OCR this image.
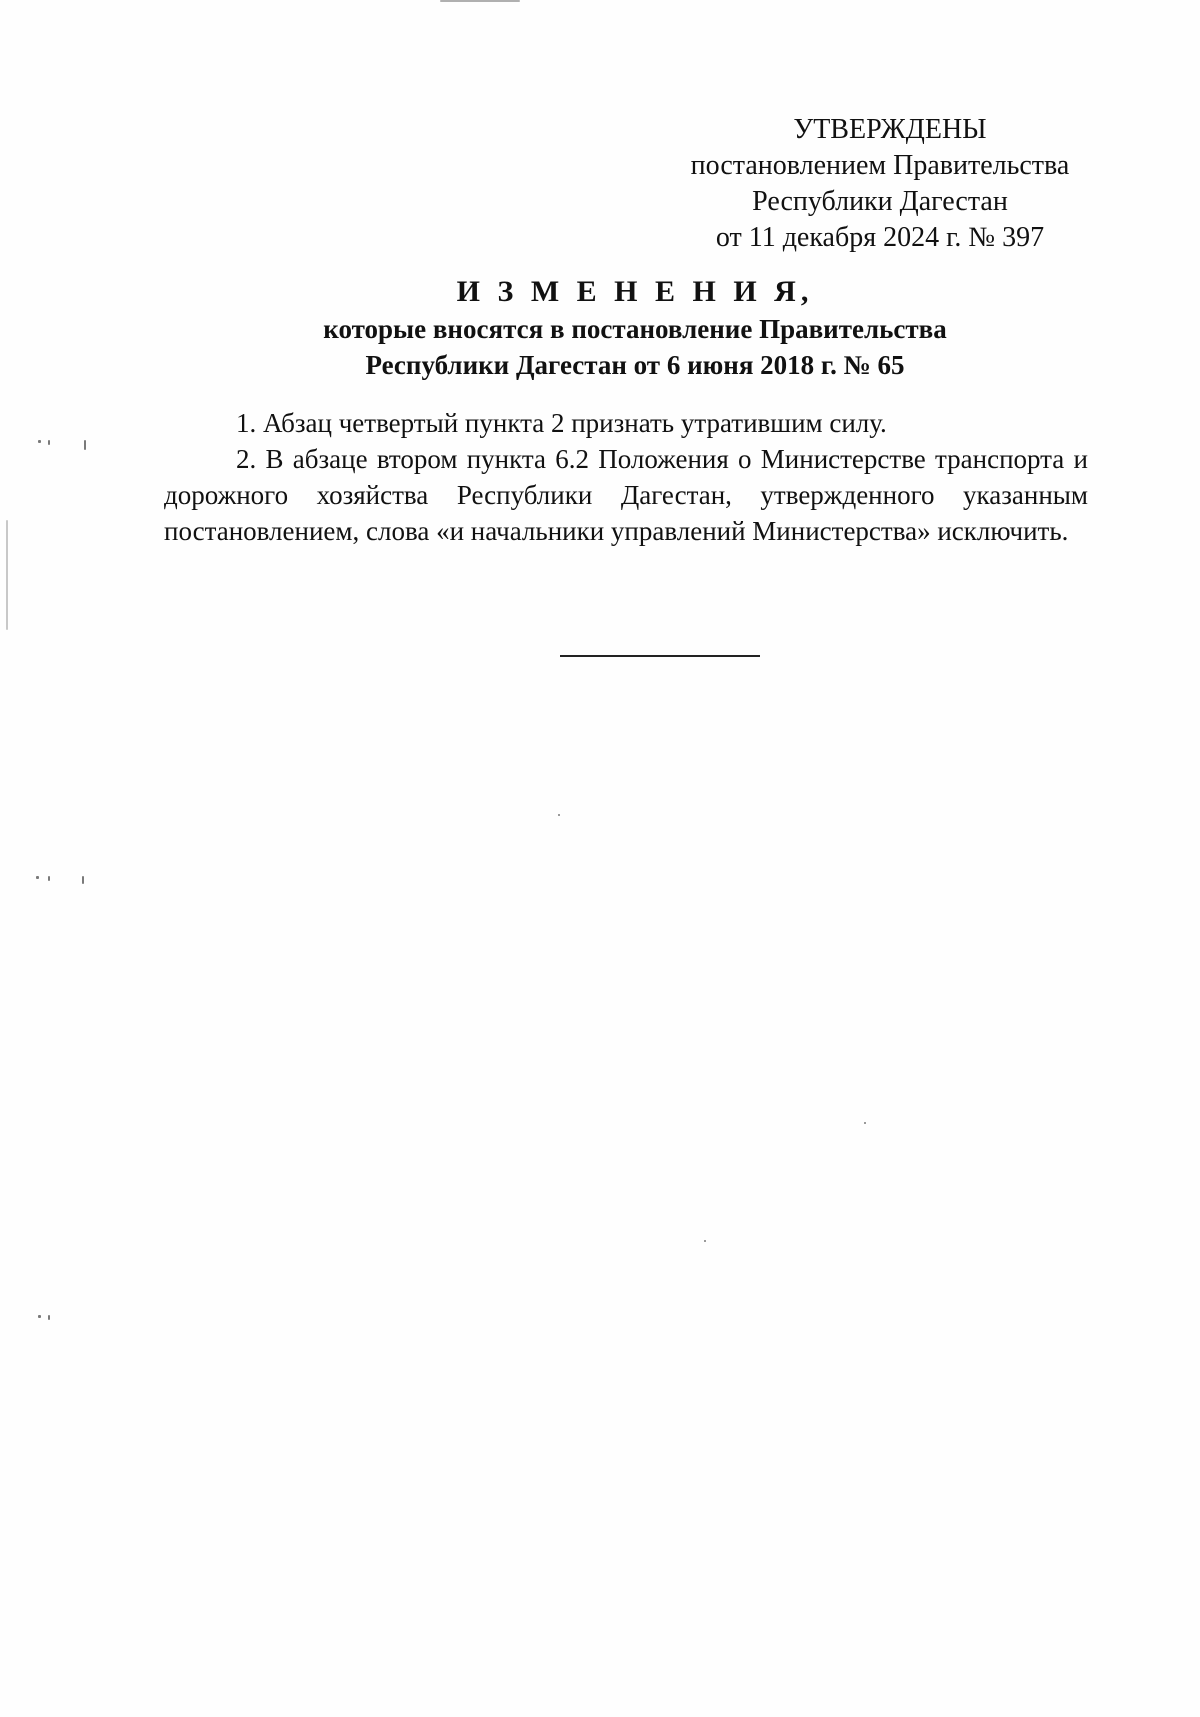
УТВЕРЖДЕНЫ
постановлением Правительства
Республики Дагестан
от 11 декабря 2024 г. № 397
И З М Е Н Е Н И Я,
которые вносятся в постановление Правительства
Республики Дагестан от 6 июня 2018 г. № 65

1. Абзац четвертый пункта 2 признать утратившим силу.

2. В абзаце втором пункта 6.2 Положения о Министерстве транспорта и дорожного хозяйства Республики Дагестан, утвержденного указанным постановлением, слова «и начальники управлений Министерства» исключить.
